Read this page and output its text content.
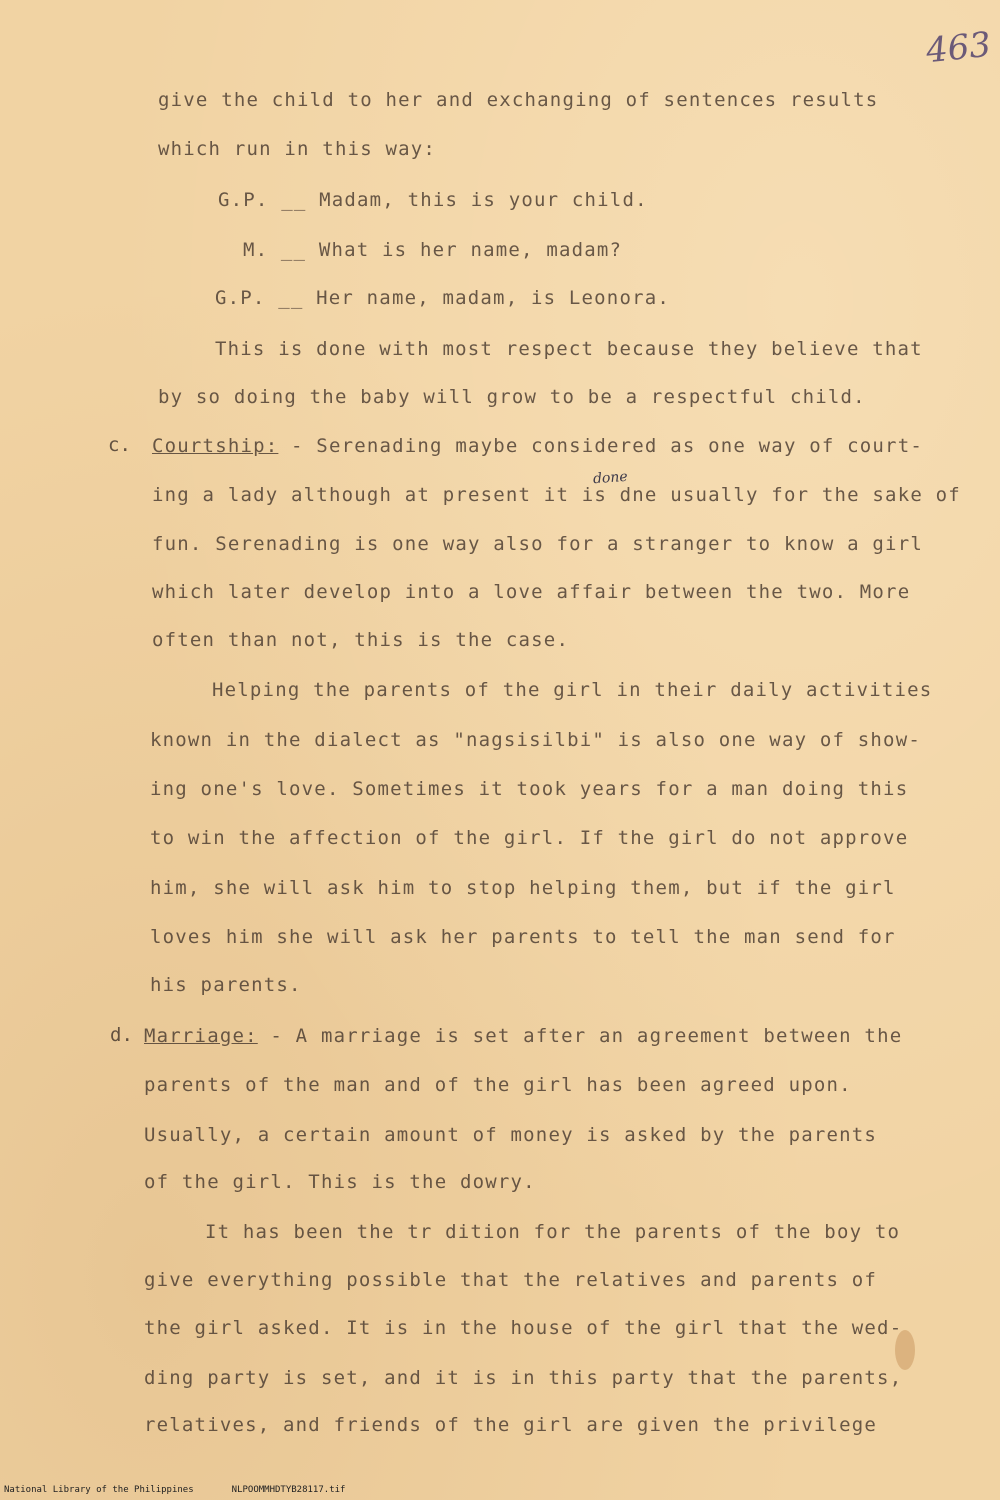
463
give the child to her and exchanging of sentences results
which run in this way:
G.P. __ Madam, this is your child.
M. __ What is her name, madam?
G.P. __ Her name, madam, is Leonora.
This is done with most respect because they believe that
by so doing the baby will grow to be a respectful child.
c. Courtship: - Serenading maybe considered as one way of court-
done
ing a lady although at present it is dne usually for the sake of
fun. Serenading is one way also for a stranger to know a girl
which later develop into a love affair between the two. More
often than not, this is the case.
Helping the parents of the girl in their daily activities
known in the dialect as "nagsisilbi" is also one way of show-
ing one's love. Sometimes it took years for a man doing this
to win the affection of the girl. If the girl do not approve
him, she will ask him to stop helping them, but if the girl
loves him she will ask her parents to tell the man send for
his parents.
d. Marriage: - A marriage is set after an agreement between the
parents of the man and of the girl has been agreed upon.
Usually, a certain amount of money is asked by the parents
of the girl. This is the dowry.
It has been the tr dition for the parents of the boy to
give everything possible that the relatives and parents of
the girl asked. It is in the house of the girl that the wed-
ding party is set, and it is in this party that the parents,
relatives, and friends of the girl are given the privilege
National Library of the Philippines	NLPOOMMHDTYB28117.tif
